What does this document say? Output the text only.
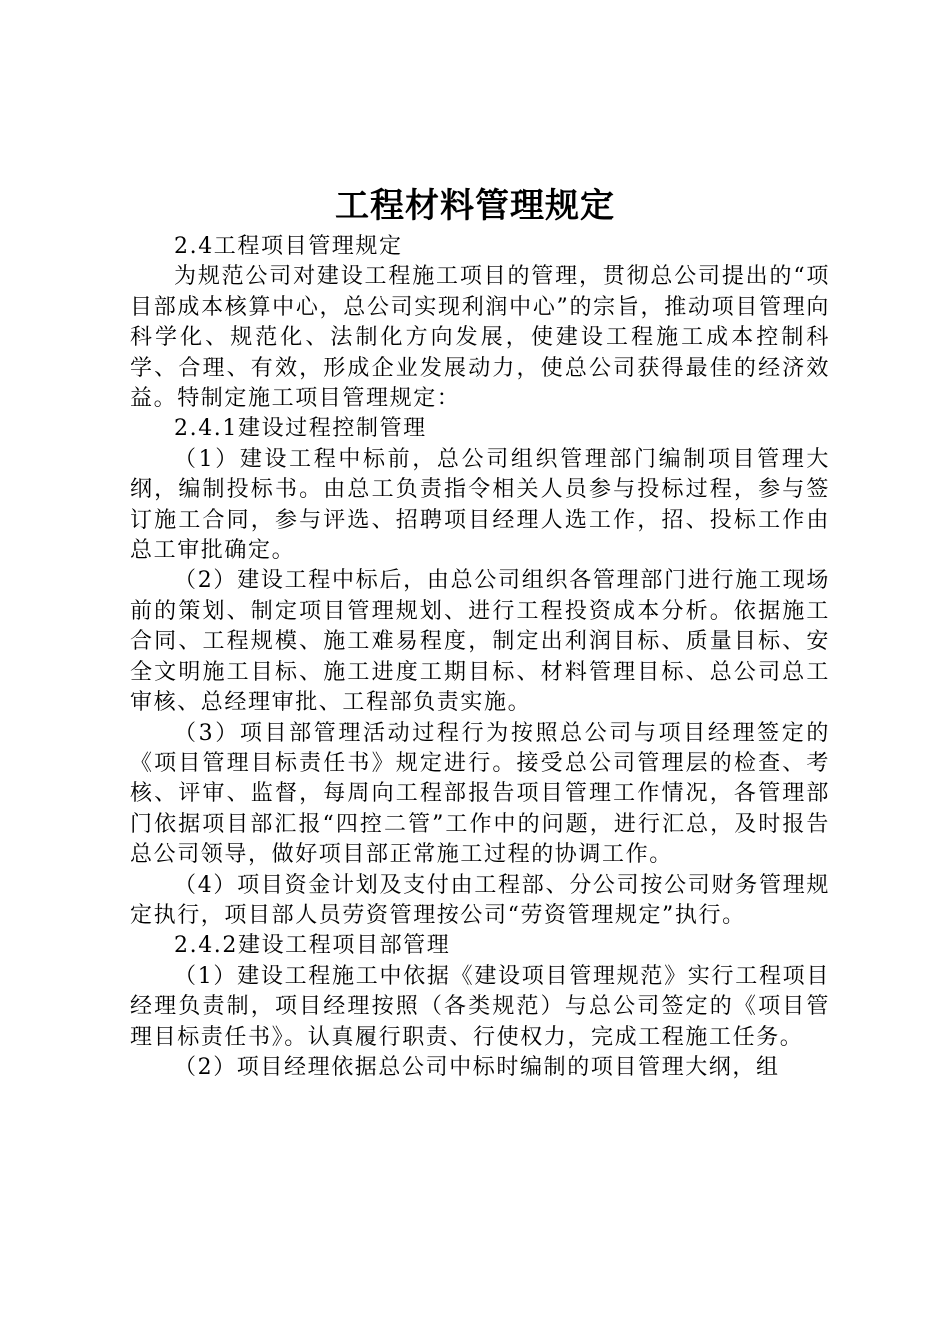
工程材料管理规定

2.4工程项目管理规定

为规范公司对建设工程施工项目的管理，贯彻总公司提出的“项目部成本核算中心，总公司实现利润中心”的宗旨，推动项目管理向科学化、规范化、法制化方向发展，使建设工程施工成本控制科学、合理、有效，形成企业发展动力，使总公司获得最佳的经济效益。特制定施工项目管理规定：

2.4.1建设过程控制管理

（1）建设工程中标前，总公司组织管理部门编制项目管理大纲，编制投标书。由总工负责指令相关人员参与投标过程，参与签订施工合同，参与评选、招聘项目经理人选工作，招、投标工作由总工审批确定。

（2）建设工程中标后，由总公司组织各管理部门进行施工现场前的策划、制定项目管理规划、进行工程投资成本分析。依据施工合同、工程规模、施工难易程度，制定出利润目标、质量目标、安全文明施工目标、施工进度工期目标、材料管理目标、总公司总工审核、总经理审批、工程部负责实施。

（3）项目部管理活动过程行为按照总公司与项目经理签定的《项目管理目标责任书》规定进行。接受总公司管理层的检查、考核、评审、监督，每周向工程部报告项目管理工作情况，各管理部门依据项目部汇报“四控二管”工作中的问题，进行汇总，及时报告总公司领导，做好项目部正常施工过程的协调工作。

（4）项目资金计划及支付由工程部、分公司按公司财务管理规定执行，项目部人员劳资管理按公司“劳资管理规定”执行。

2.4.2建设工程项目部管理

（1）建设工程施工中依据《建设项目管理规范》实行工程项目经理负责制，项目经理按照（各类规范）与总公司签定的《项目管理目标责任书》。认真履行职责、行使权力，完成工程施工任务。

（2）项目经理依据总公司中标时编制的项目管理大纲，组
